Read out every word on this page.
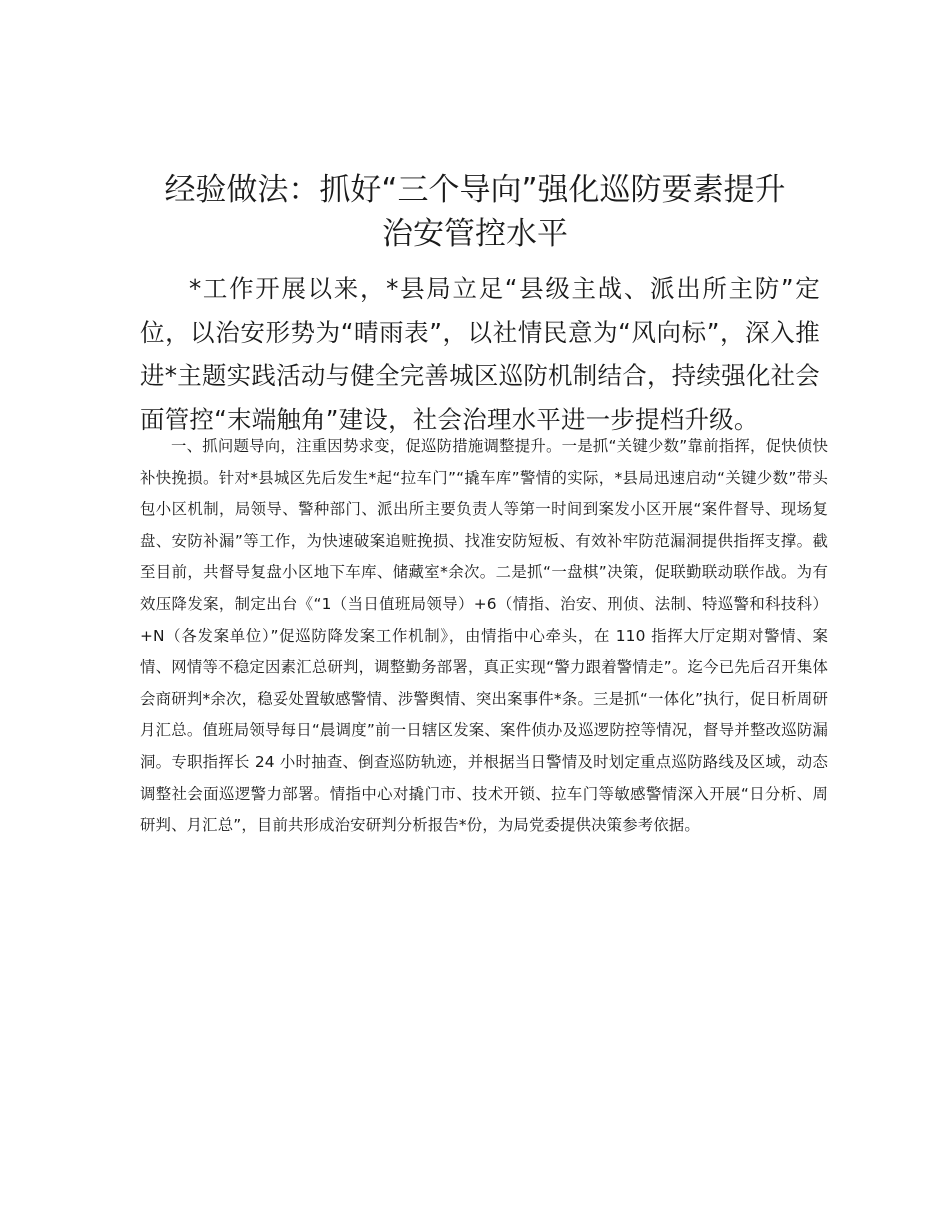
经验做法：抓好“三个导向”强化巡防要素提升
治安管控水平

*工作开展以来，*县局立足“县级主战、派出所主防”定位，以治安形势为“晴雨表”，以社情民意为“风向标”，深入推进*主题实践活动与健全完善城区巡防机制结合，持续强化社会面管控“末端触角”建设，社会治理水平进一步提档升级。

一、抓问题导向，注重因势求变，促巡防措施调整提升。一是抓“关键少数”靠前指挥，促快侦快补快挽损。针对*县城区先后发生*起“拉车门”“撬车库”警情的实际，*县局迅速启动“关键少数”带头包小区机制，局领导、警种部门、派出所主要负责人等第一时间到案发小区开展“案件督导、现场复盘、安防补漏”等工作，为快速破案追赃挽损、找准安防短板、有效补牢防范漏洞提供指挥支撑。截至目前，共督导复盘小区地下车库、储藏室*余次。二是抓“一盘棋”决策，促联勤联动联作战。为有效压降发案，制定出台《“1（当日值班局领导）+6（情指、治安、刑侦、法制、特巡警和科技科）+N（各发案单位）”促巡防降发案工作机制》，由情指中心牵头，在 110 指挥大厅定期对警情、案情、网情等不稳定因素汇总研判，调整勤务部署，真正实现“警力跟着警情走”。迄今已先后召开集体会商研判*余次，稳妥处置敏感警情、涉警舆情、突出案事件*条。三是抓“一体化”执行，促日析周研月汇总。值班局领导每日“晨调度”前一日辖区发案、案件侦办及巡逻防控等情况，督导并整改巡防漏洞。专职指挥长 24 小时抽查、倒查巡防轨迹，并根据当日警情及时划定重点巡防路线及区域，动态调整社会面巡逻警力部署。情指中心对撬门市、技术开锁、拉车门等敏感警情深入开展“日分析、周研判、月汇总”，目前共形成治安研判分析报告*份，为局党委提供决策参考依据。
